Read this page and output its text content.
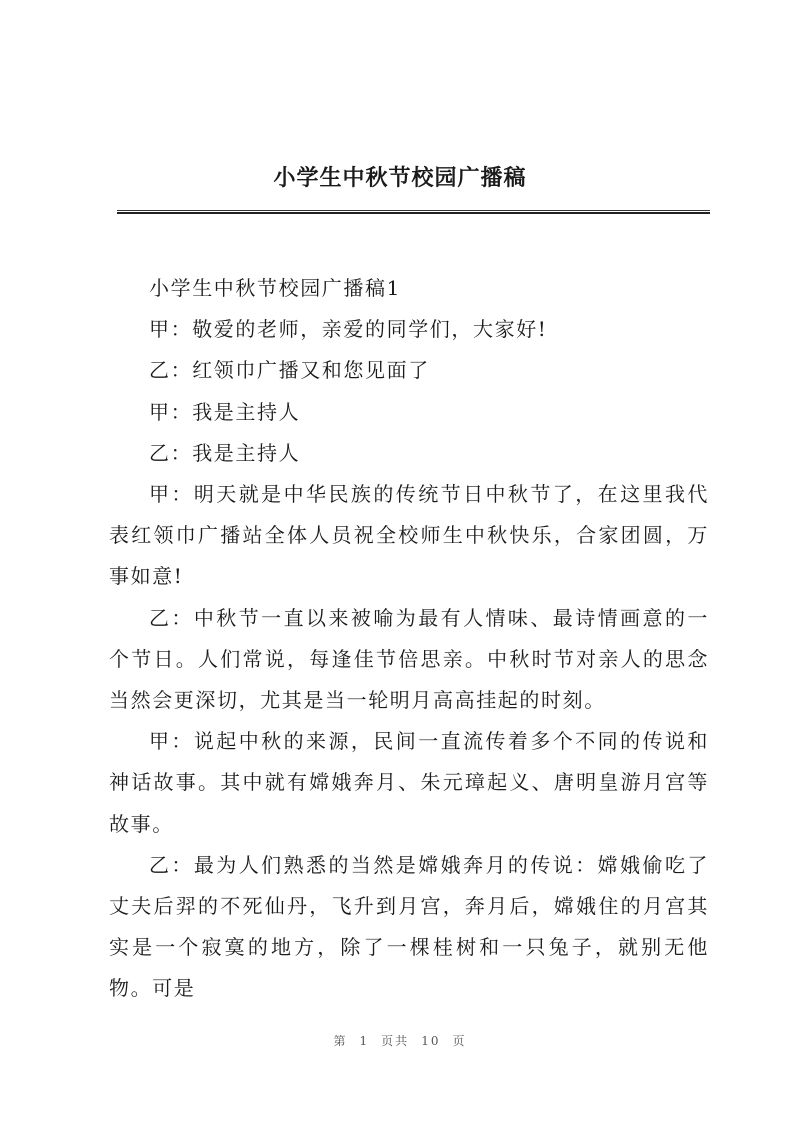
小学生中秋节校园广播稿

小学生中秋节校园广播稿1

甲：敬爱的老师，亲爱的同学们，大家好!

乙：红领巾广播又和您见面了

甲：我是主持人

乙：我是主持人

甲：明天就是中华民族的传统节日中秋节了，在这里我代表红领巾广播站全体人员祝全校师生中秋快乐，合家团圆，万事如意!

乙：中秋节一直以来被喻为最有人情味、最诗情画意的一个节日。人们常说，每逢佳节倍思亲。中秋时节对亲人的思念当然会更深切，尤其是当一轮明月高高挂起的时刻。

甲：说起中秋的来源，民间一直流传着多个不同的传说和神话故事。其中就有嫦娥奔月、朱元璋起义、唐明皇游月宫等故事。

乙：最为人们熟悉的当然是嫦娥奔月的传说：嫦娥偷吃了丈夫后羿的不死仙丹，飞升到月宫，奔月后，嫦娥住的月宫其实是一个寂寞的地方，除了一棵桂树和一只兔子，就别无他物。可是

第 1 页共 10 页
